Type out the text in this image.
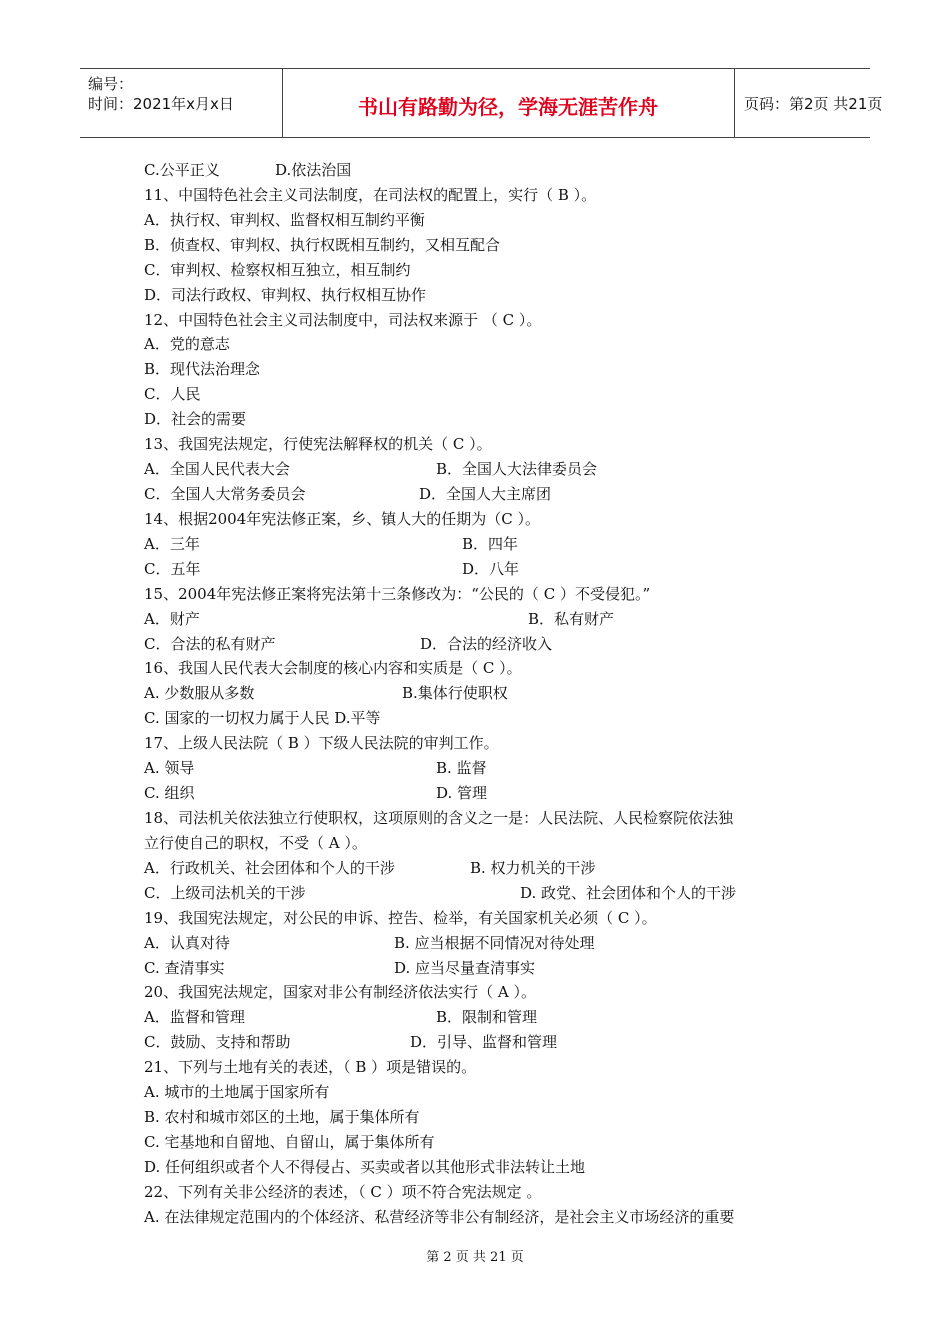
编号：
时间：2021年x月x日	书山有路勤为径，学海无涯苦作舟	页码：第2页 共21页
C.公平正义	D.依法治国
11、中国特色社会主义司法制度，在司法权的配置上，实行（ B ）。
A．执行权、审判权、监督权相互制约平衡
B．侦查权、审判权、执行权既相互制约，又相互配合
C．审判权、检察权相互独立，相互制约
D．司法行政权、审判权、执行权相互协作
12、中国特色社会主义司法制度中，司法权来源于 （ C ）。
A．党的意志
B．现代法治理念
C．人民
D．社会的需要
13、我国宪法规定，行使宪法解释权的机关（ C ）。
A．全国人民代表大会	B．全国人大法律委员会
C．全国人大常务委员会	D．全国人大主席团
14、根据2004年宪法修正案，乡、镇人大的任期为（C ）。
A．三年	B．四年
C．五年	D．八年
15、2004年宪法修正案将宪法第十三条修改为：“公民的（ C ）不受侵犯。”
A．财产	B．私有财产
C．合法的私有财产	D．合法的经济收入
16、我国人民代表大会制度的核心内容和实质是（ C ）。
A. 少数服从多数	B.集体行使职权
C. 国家的一切权力属于人民 D.平等
17、上级人民法院（ B ）下级人民法院的审判工作。
A. 领导	B. 监督
C. 组织	D. 管理
18、司法机关依法独立行使职权，这项原则的含义之一是：人民法院、人民检察院依法独
立行使自己的职权，不受（ A ）。
A．行政机关、社会团体和个人的干涉	B. 权力机关的干涉
C．上级司法机关的干涉	D. 政党、社会团体和个人的干涉
19、我国宪法规定，对公民的申诉、控告、检举，有关国家机关必须（ C ）。
A．认真对待	B. 应当根据不同情况对待处理
C. 查清事实	D. 应当尽量查清事实
20、我国宪法规定，国家对非公有制经济依法实行（ A ）。
A．监督和管理	B．限制和管理
C．鼓励、支持和帮助	D．引导、监督和管理
21、下列与土地有关的表述，（ B ）项是错误的。
A. 城市的土地属于国家所有
B. 农村和城市郊区的土地，属于集体所有
C. 宅基地和自留地、自留山，属于集体所有
D. 任何组织或者个人不得侵占、买卖或者以其他形式非法转让土地
22、下列有关非公经济的表述，（ C ）项不符合宪法规定 。
A. 在法律规定范围内的个体经济、私营经济等非公有制经济，是社会主义市场经济的重要
第 2 页 共 21 页
